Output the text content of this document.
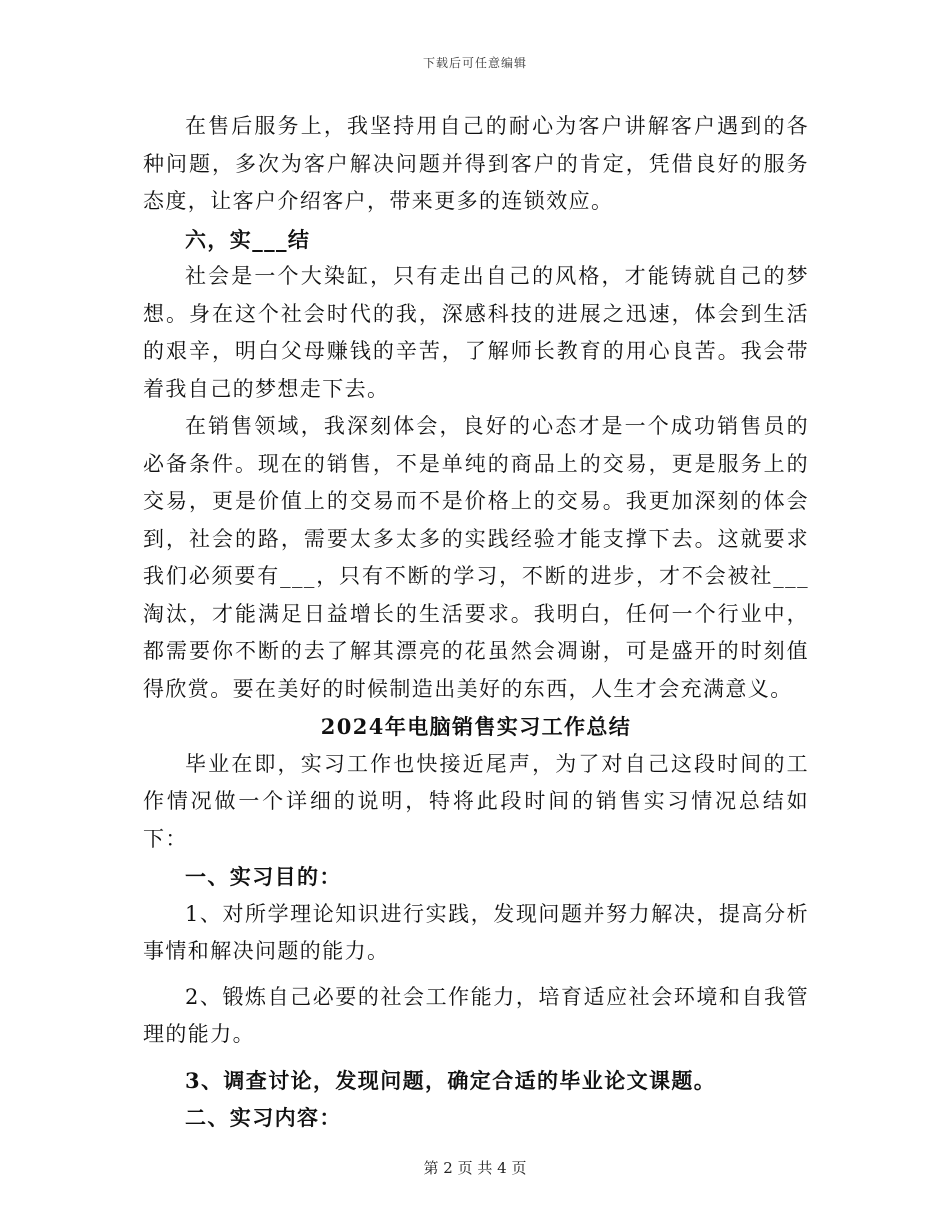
下载后可任意编辑

在售后服务上，我坚持用自己的耐心为客户讲解客户遇到的各种问题，多次为客户解决问题并得到客户的肯定，凭借良好的服务态度，让客户介绍客户，带来更多的连锁效应。

六，实___结

社会是一个大染缸，只有走出自己的风格，才能铸就自己的梦想。身在这个社会时代的我，深感科技的进展之迅速，体会到生活的艰辛，明白父母赚钱的辛苦，了解师长教育的用心良苦。我会带着我自己的梦想走下去。

在销售领域，我深刻体会，良好的心态才是一个成功销售员的必备条件。现在的销售，不是单纯的商品上的交易，更是服务上的交易，更是价值上的交易而不是价格上的交易。我更加深刻的体会到，社会的路，需要太多太多的实践经验才能支撑下去。这就要求我们必须要有___，只有不断的学习，不断的进步，才不会被社___淘汰，才能满足日益增长的生活要求。我明白，任何一个行业中，都需要你不断的去了解其漂亮的花虽然会凋谢，可是盛开的时刻值得欣赏。要在美好的时候制造出美好的东西，人生才会充满意义。

2024年电脑销售实习工作总结

毕业在即，实习工作也快接近尾声，为了对自己这段时间的工作情况做一个详细的说明，特将此段时间的销售实习情况总结如下：

一、实习目的：

1、对所学理论知识进行实践，发现问题并努力解决，提高分析事情和解决问题的能力。

2、锻炼自己必要的社会工作能力，培育适应社会环境和自我管理的能力。

3、调查讨论，发现问题，确定合适的毕业论文课题。

二、实习内容：

第 2 页 共 4 页
